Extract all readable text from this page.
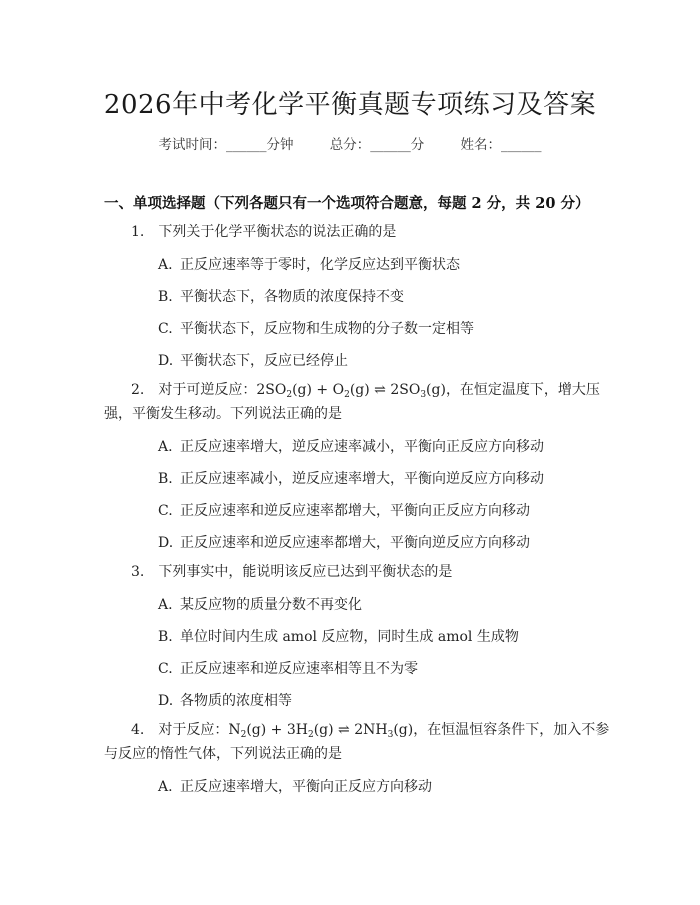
2026年中考化学平衡真题专项练习及答案
考试时间：______分钟	总分：______分	姓名：______
一、单项选择题（下列各题只有一个选项符合题意，每题 2 分，共 20 分）
1. 下列关于化学平衡状态的说法正确的是
A. 正反应速率等于零时，化学反应达到平衡状态
B. 平衡状态下，各物质的浓度保持不变
C. 平衡状态下，反应物和生成物的分子数一定相等
D. 平衡状态下，反应已经停止
2. 对于可逆反应：$2SO_2(g) + O_2(g)$ ⇌ $2SO_3(g)$，在恒定温度下，增大压
强，平衡发生移动。下列说法正确的是
A. 正反应速率增大，逆反应速率减小，平衡向正反应方向移动
B. 正反应速率减小，逆反应速率增大，平衡向逆反应方向移动
C. 正反应速率和逆反应速率都增大，平衡向正反应方向移动
D. 正反应速率和逆反应速率都增大，平衡向逆反应方向移动
3. 下列事实中，能说明该反应已达到平衡状态的是
A. 某反应物的质量分数不再变化
B. 单位时间内生成 amol 反应物，同时生成 amol 生成物
C. 正反应速率和逆反应速率相等且不为零
D. 各物质的浓度相等
4. 对于反应：$N_2(g) + 3H_2(g)$ ⇌ $2NH_3(g)$，在恒温恒容条件下，加入不参
与反应的惰性气体，下列说法正确的是
A. 正反应速率增大，平衡向正反应方向移动
